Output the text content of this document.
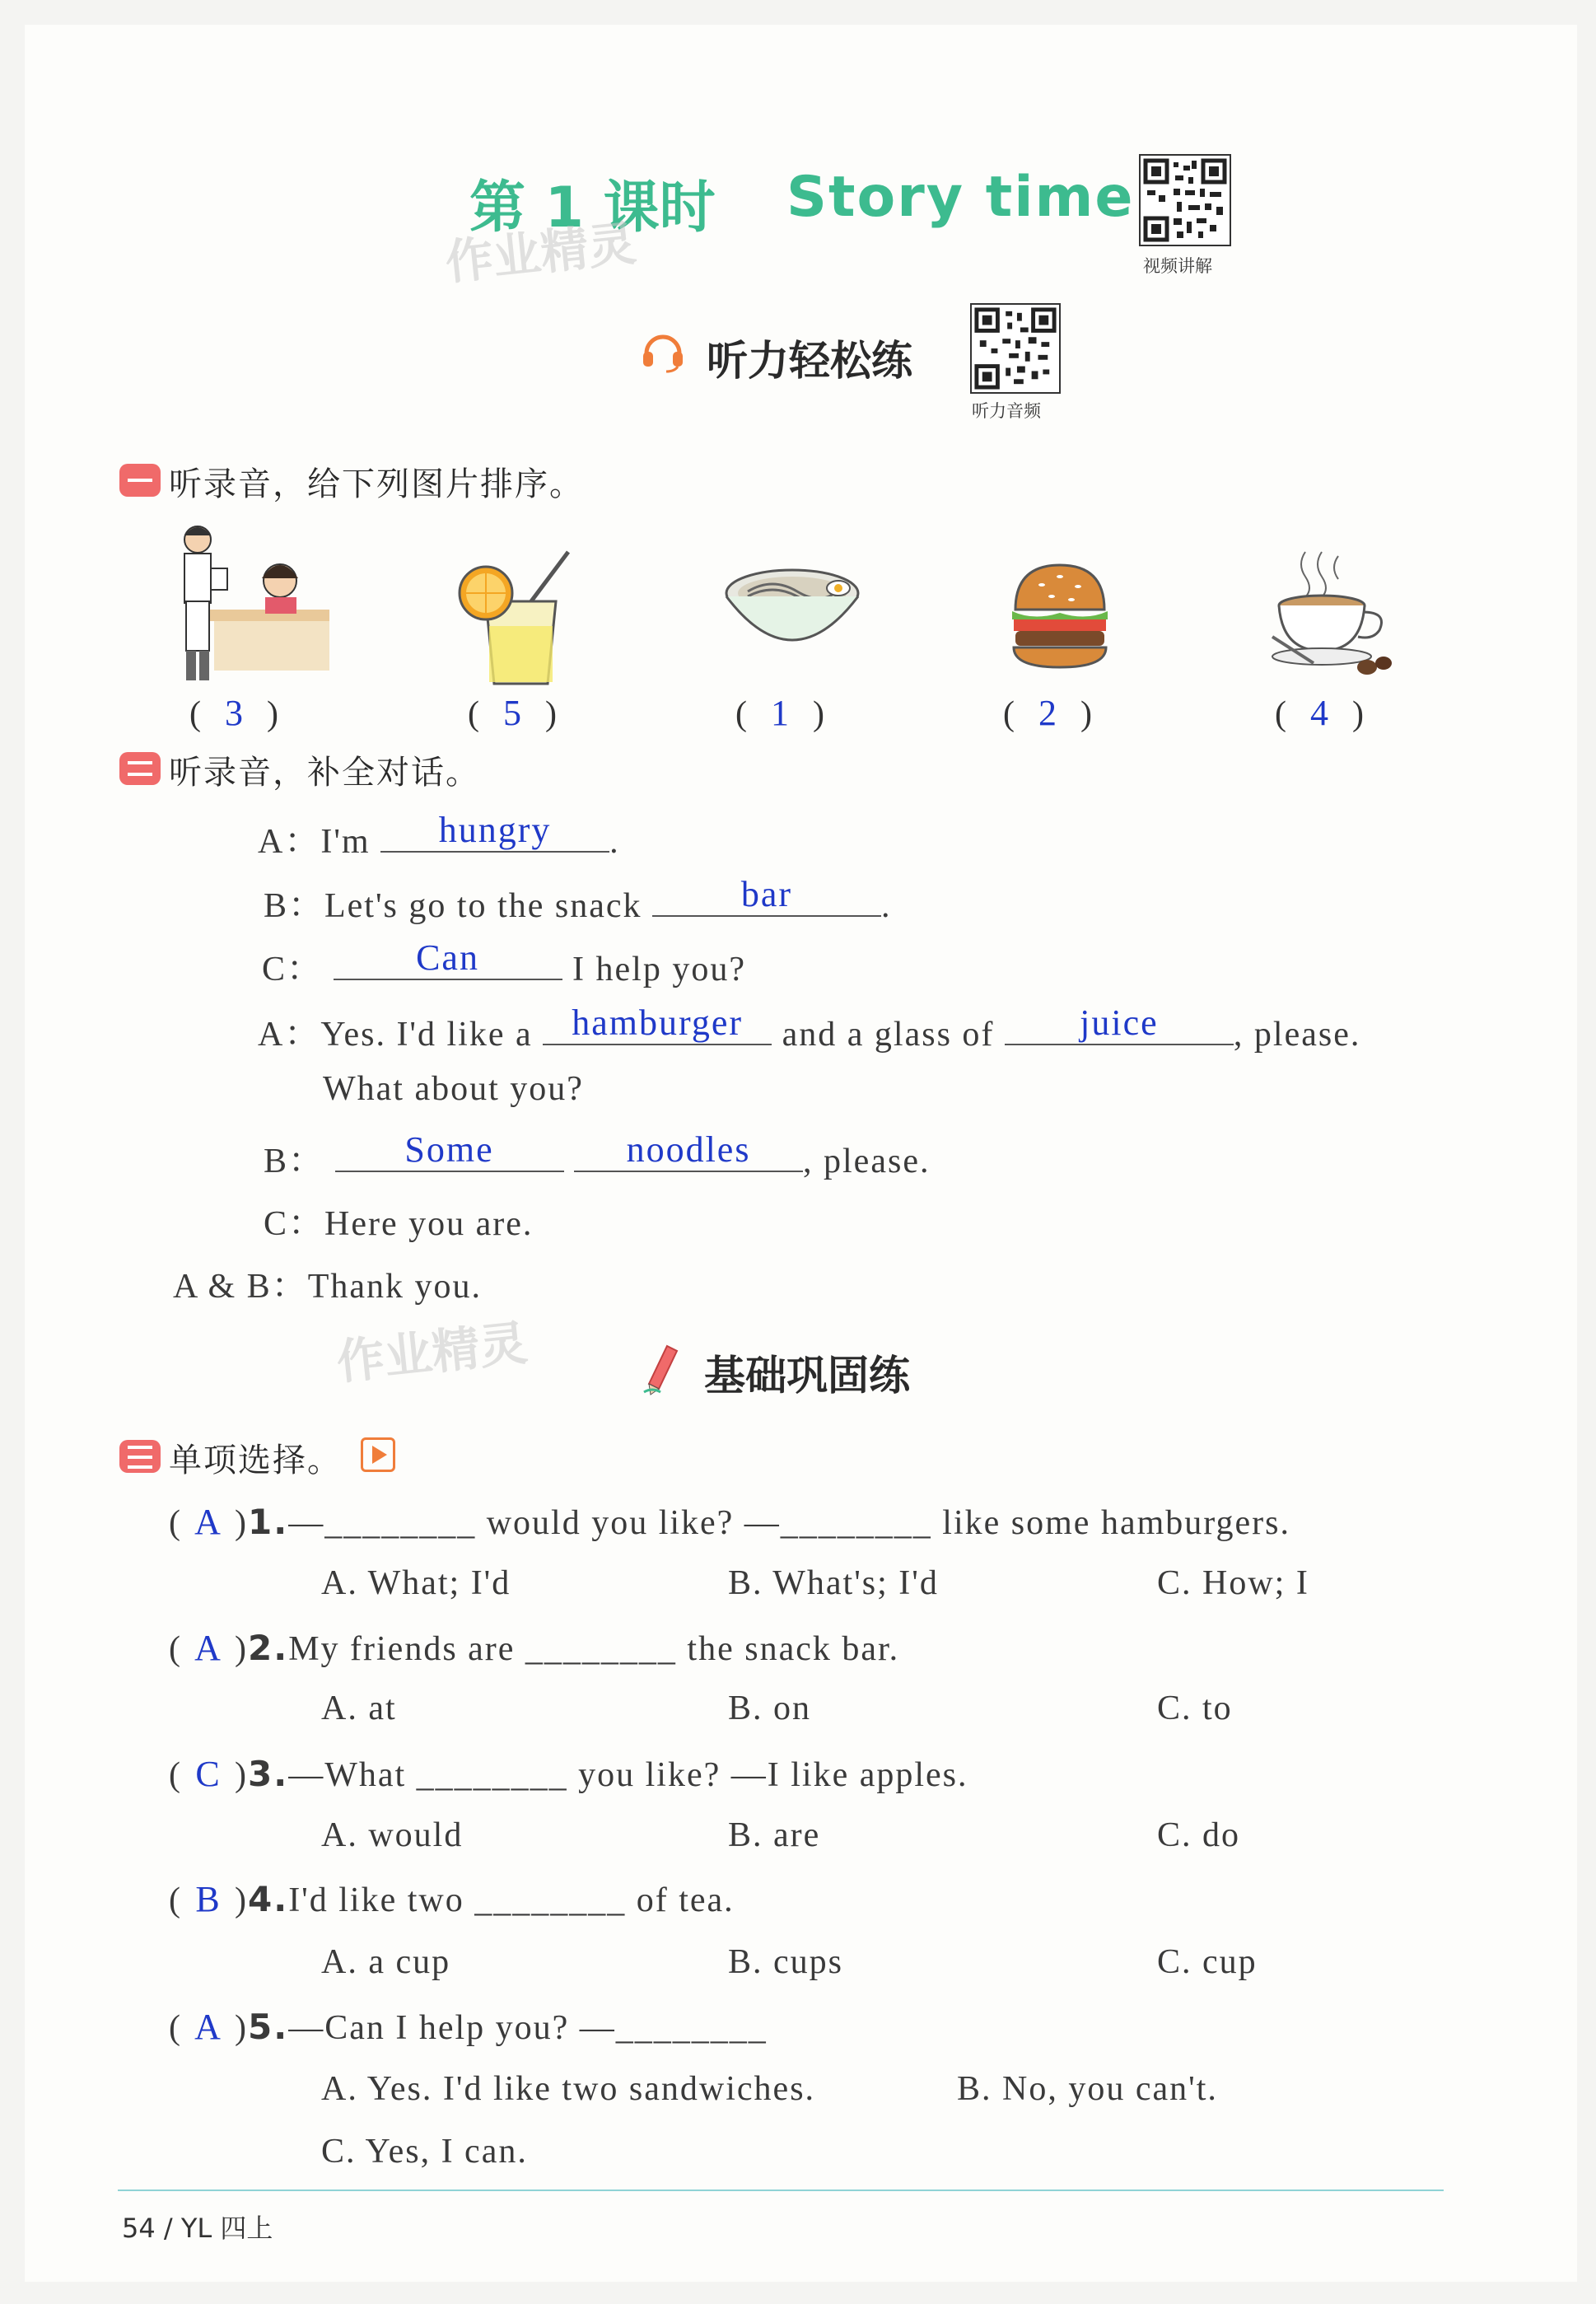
第 1 课时 Story time
作业精灵	视频讲解
听力轻松练
听力音频
听录音，给下列图片排序。
( 3 )	( 5 )	( 1 )	( 2 )	( 4 )
听录音，补全对话。
A：I'm	hungry	.
B：Let's go to the snack	bar	.
C：	Can	I help you?
A：Yes. I'd like a	hamburger	and a glass of	juice	, please.
What about you?
B：	Some
	noodles	, please.
C：Here you are.
A & B：Thank you.
作业精灵	基础巩固练
单项选择。
( A )1.—________ would you like? —________ like some hamburgers.
A. What; I'd	B. What's; I'd	C. How; I
( A )2.My friends are ________ the snack bar.
A. at	B. on	C. to
( C )3.—What ________ you like? —I like apples.
A. would	B. are	C. do
( B )4.I'd like two ________ of tea.
A. a cup	B. cups	C. cup
( A )5.—Can I help you? —________
A. Yes. I'd like two sandwiches.	B. No, you can't.
C. Yes, I can.
54 / YL 四上
